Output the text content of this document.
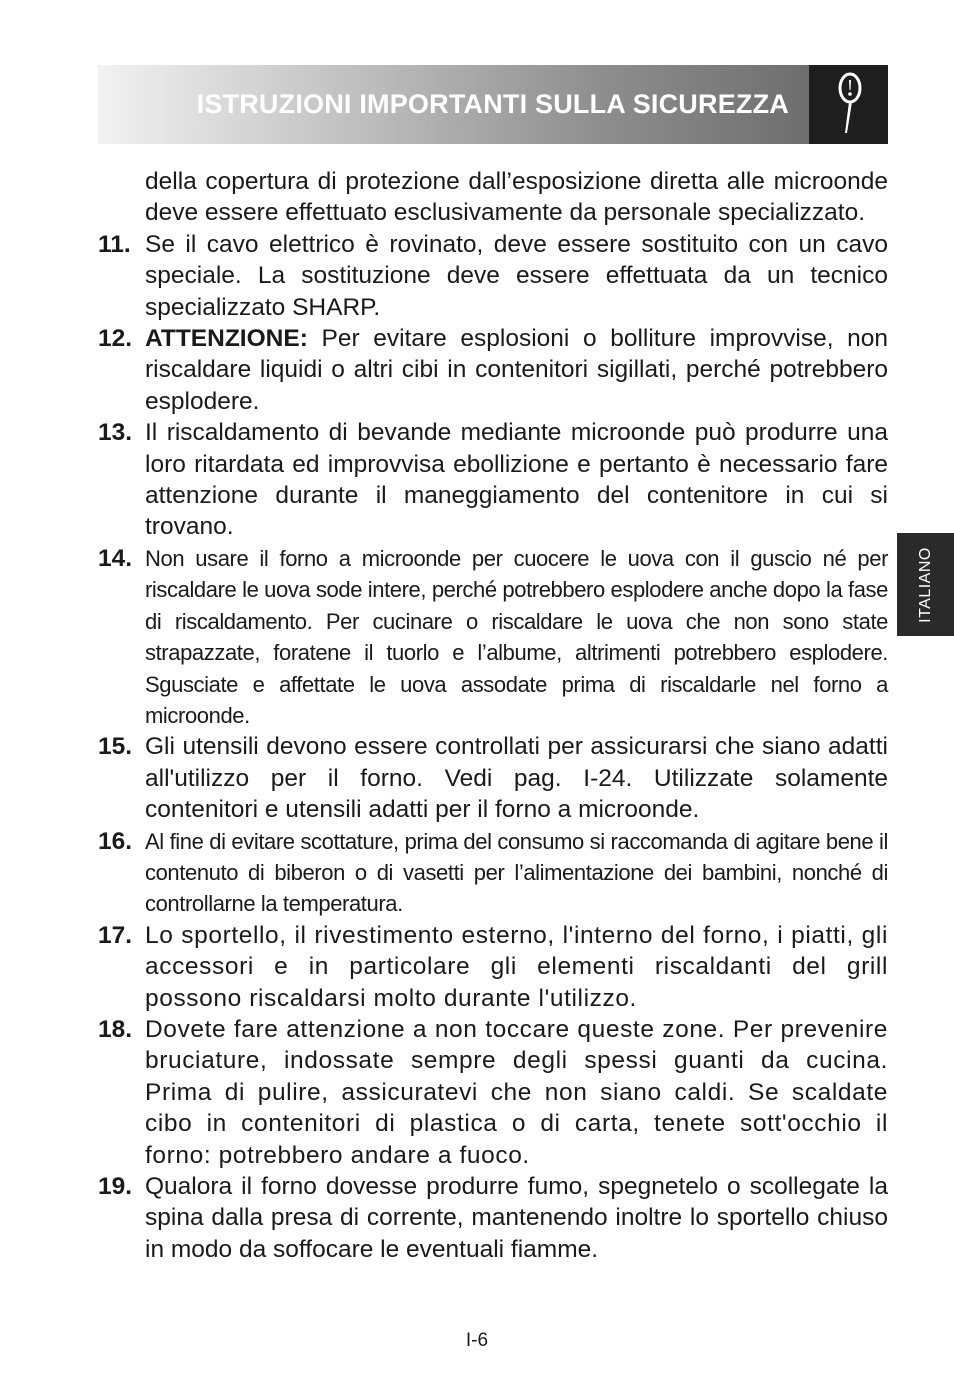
ISTRUZIONI IMPORTANTI SULLA SICUREZZA
ITALIANO
della copertura di protezione dall’esposizione diretta alle microonde deve essere effettuato esclusivamente da personale specializzato.
11. Se il cavo elettrico è rovinato, deve essere sostituito con un cavo speciale. La sostituzione deve essere effettuata da un tecnico specializzato SHARP.
12. ATTENZIONE: Per evitare esplosioni o bolliture improvvise, non riscaldare liquidi o altri cibi in contenitori sigillati, perché potrebbero esplodere.
13. Il riscaldamento di bevande mediante microonde può produrre una loro ritardata ed improvvisa ebollizione e pertanto è necessario fare attenzione durante il maneggiamento del contenitore in cui si trovano.
14. Non usare il forno a microonde per cuocere le uova con il guscio né per riscaldare le uova sode intere, perché potrebbero esplodere anche dopo la fase di riscaldamento. Per cucinare o riscaldare le uova che non sono state strapazzate, foratene il tuorlo e l’albume, altrimenti potrebbero esplodere. Sgusciate e affettate le uova assodate prima di riscaldarle nel forno a microonde.
15. Gli utensili devono essere controllati per assicurarsi che siano adatti all'utilizzo per il forno. Vedi pag. I-24. Utilizzate solamente contenitori e utensili adatti per il forno a microonde.
16. Al fine di evitare scottature, prima del consumo si raccomanda di agitare bene il contenuto di biberon o di vasetti per l’alimentazione dei bambini, nonché di controllarne la temperatura.
17. Lo sportello, il rivestimento esterno, l'interno del forno, i piatti, gli accessori e in particolare gli elementi riscaldanti del grill possono riscaldarsi molto durante l'utilizzo.
18. Dovete fare attenzione a non toccare queste zone. Per prevenire bruciature, indossate sempre degli spessi guanti da cucina. Prima di pulire, assicuratevi che non siano caldi. Se scaldate cibo in contenitori di plastica o di carta, tenete sott'occhio il forno: potrebbero andare a fuoco.
19. Qualora il forno dovesse produrre fumo, spegnetelo o scollegate la spina dalla presa di corrente, mantenendo inoltre lo sportello chiuso in modo da soffocare le eventuali fiamme.
I-6
